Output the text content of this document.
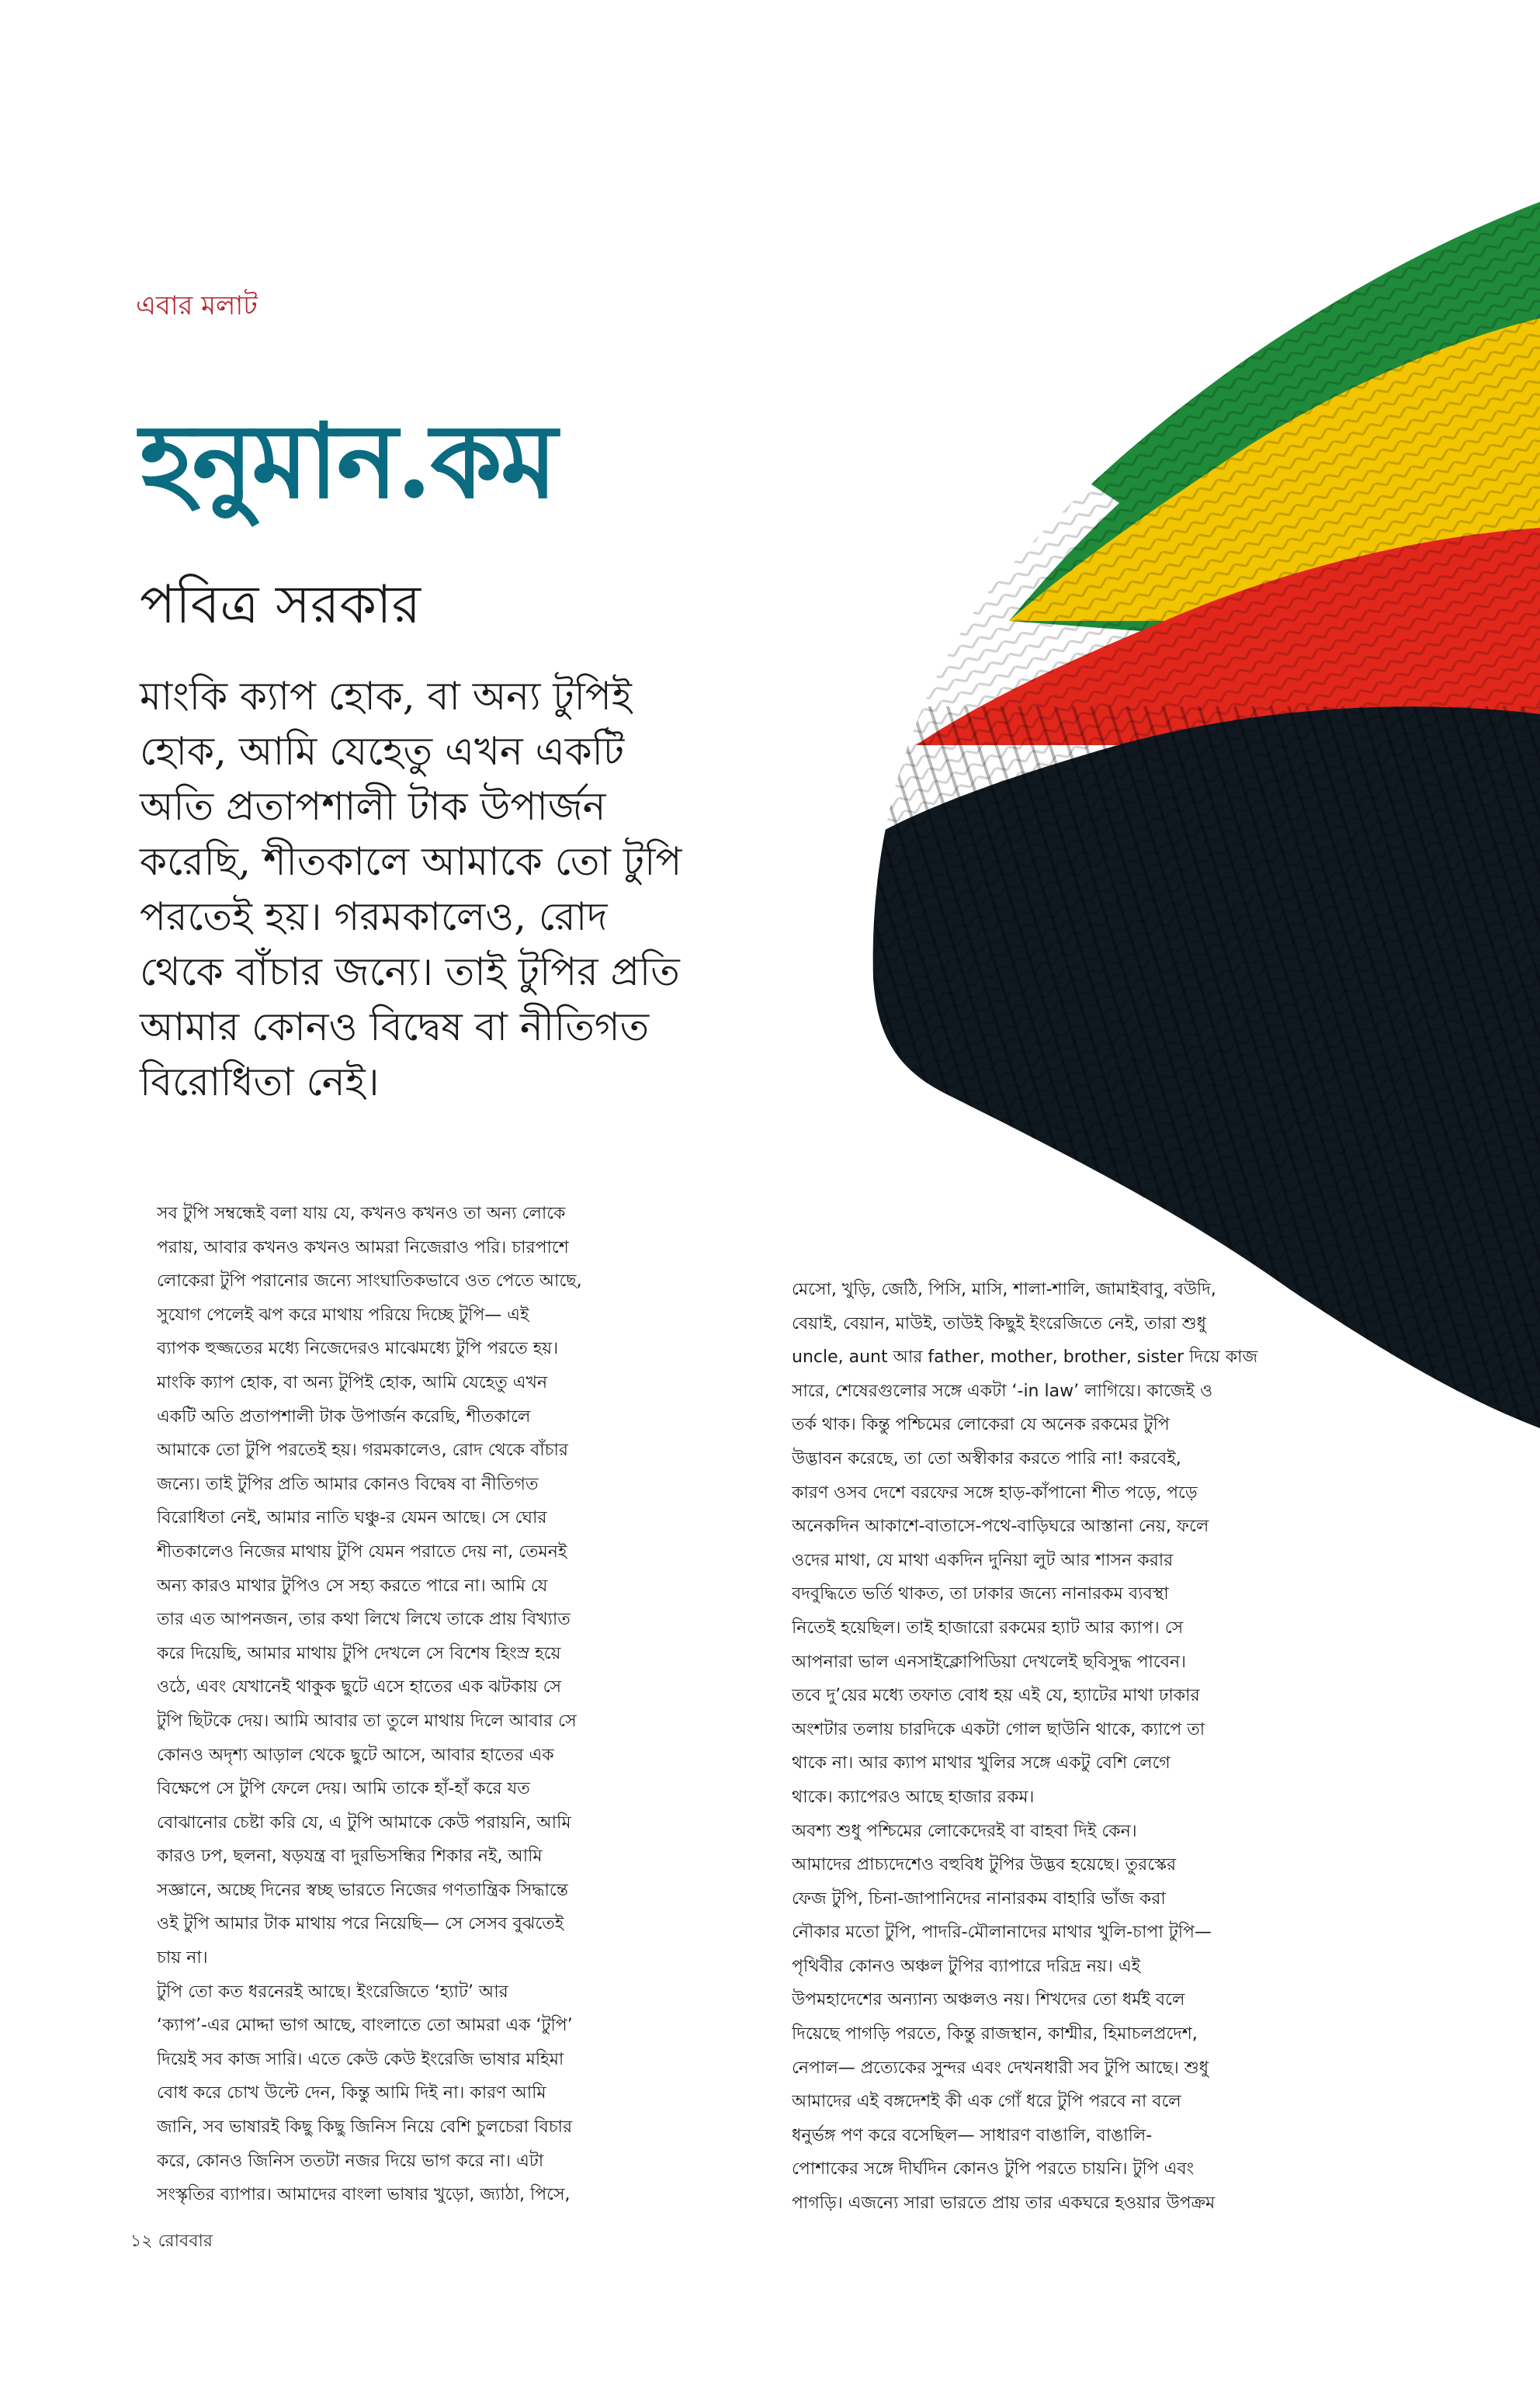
এবার মলাট
হনুমান.কম
পবিত্র সরকার
মাংকি ক্যাপ হোক, বা অন্য টুপিই
হোক, আমি যেহেতু এখন একটি
অতি প্রতাপশালী টাক উপার্জন
করেছি, শীতকালে আমাকে তো টুপি
পরতেই হয়। গরমকালেও, রোদ
থেকে বাঁচার জন্যে। তাই টুপির প্রতি
আমার কোনও বিদ্বেষ বা নীতিগত
বিরোধিতা নেই।
সব টুপি সম্বন্ধেই বলা যায় যে, কখনও কখনও তা অন্য লোকে
পরায়, আবার কখনও কখনও আমরা নিজেরাও পরি। চারপাশে
লোকেরা টুপি পরানোর জন্যে সাংঘাতিকভাবে ওত পেতে আছে,
সুযোগ পেলেই ঝপ করে মাথায় পরিয়ে দিচ্ছে টুপি— এই
ব্যাপক হুজ্জতের মধ্যে নিজেদেরও মাঝেমধ্যে টুপি পরতে হয়।
মাংকি ক্যাপ হোক, বা অন্য টুপিই হোক, আমি যেহেতু এখন
একটি অতি প্রতাপশালী টাক উপার্জন করেছি, শীতকালে
আমাকে তো টুপি পরতেই হয়। গরমকালেও, রোদ থেকে বাঁচার
জন্যে। তাই টুপির প্রতি আমার কোনও বিদ্বেষ বা নীতিগত
বিরোধিতা নেই, আমার নাতি ঘঞ্চু-র যেমন আছে। সে ঘোর
শীতকালেও নিজের মাথায় টুপি যেমন পরাতে দেয় না, তেমনই
অন্য কারও মাথার টুপিও সে সহ্য করতে পারে না। আমি যে
তার এত আপনজন, তার কথা লিখে লিখে তাকে প্রায় বিখ্যাত
করে দিয়েছি, আমার মাথায় টুপি দেখলে সে বিশেষ হিংস্র হয়ে
ওঠে, এবং যেখানেই থাকুক ছুটে এসে হাতের এক ঝটকায় সে
টুপি ছিটকে দেয়। আমি আবার তা তুলে মাথায় দিলে আবার সে
কোনও অদৃশ্য আড়াল থেকে ছুটে আসে, আবার হাতের এক
বিক্ষেপে সে টুপি ফেলে দেয়। আমি তাকে হাঁ-হাঁ করে যত
বোঝানোর চেষ্টা করি যে, এ টুপি আমাকে কেউ পরায়নি, আমি
কারও ঢপ, ছলনা, ষড়যন্ত্র বা দুরভিসন্ধির শিকার নই, আমি
সজ্ঞানে, অচ্ছে দিনের স্বচ্ছ ভারতে নিজের গণতান্ত্রিক সিদ্ধান্তে
ওই টুপি আমার টাক মাথায় পরে নিয়েছি— সে সেসব বুঝতেই
চায় না।
টুপি তো কত ধরনেরই আছে। ইংরেজিতে ‘হ্যাট’ আর
‘ক্যাপ’-এর মোদ্দা ভাগ আছে, বাংলাতে তো আমরা এক ‘টুপি’
দিয়েই সব কাজ সারি। এতে কেউ কেউ ইংরেজি ভাষার মহিমা
বোধ করে চোখ উল্টে দেন, কিন্তু আমি দিই না। কারণ আমি
জানি, সব ভাষারই কিছু কিছু জিনিস নিয়ে বেশি চুলচেরা বিচার
করে, কোনও জিনিস ততটা নজর দিয়ে ভাগ করে না। এটা
সংস্কৃতির ব্যাপার। আমাদের বাংলা ভাষার খুড়ো, জ্যাঠা, পিসে,
মেসো, খুড়ি, জেঠি, পিসি, মাসি, শালা-শালি, জামাইবাবু, বউদি,
বেয়াই, বেয়ান, মাউই, তাউই কিছুই ইংরেজিতে নেই, তারা শুধু
uncle, aunt আর father, mother, brother, sister দিয়ে কাজ
সারে, শেষেরগুলোর সঙ্গে একটা ‘-in law’ লাগিয়ে। কাজেই ও
তর্ক থাক। কিন্তু পশ্চিমের লোকেরা যে অনেক রকমের টুপি
উদ্ভাবন করেছে, তা তো অস্বীকার করতে পারি না! করবেই,
কারণ ওসব দেশে বরফের সঙ্গে হাড়-কাঁপানো শীত পড়ে, পড়ে
অনেকদিন আকাশে-বাতাসে-পথে-বাড়িঘরে আস্তানা নেয়, ফলে
ওদের মাথা, যে মাথা একদিন দুনিয়া লুট আর শাসন করার
বদবুদ্ধিতে ভর্তি থাকত, তা ঢাকার জন্যে নানারকম ব্যবস্থা
নিতেই হয়েছিল। তাই হাজারো রকমের হ্যাট আর ক্যাপ। সে
আপনারা ভাল এনসাইক্লোপিডিয়া দেখলেই ছবিসুদ্ধ পাবেন।
তবে দু’য়ের মধ্যে তফাত বোধ হয় এই যে, হ্যাটের মাথা ঢাকার
অংশটার তলায় চারদিকে একটা গোল ছাউনি থাকে, ক্যাপে তা
থাকে না। আর ক্যাপ মাথার খুলির সঙ্গে একটু বেশি লেগে
থাকে। ক্যাপেরও আছে হাজার রকম।
অবশ্য শুধু পশ্চিমের লোকেদেরই বা বাহবা দিই কেন।
আমাদের প্রাচ্যদেশেও বহুবিধ টুপির উদ্ভব হয়েছে। তুরস্কের
ফেজ টুপি, চিনা-জাপানিদের নানারকম বাহারি ভাঁজ করা
নৌকার মতো টুপি, পাদরি-মৌলানাদের মাথার খুলি-চাপা টুপি—
পৃথিবীর কোনও অঞ্চল টুপির ব্যাপারে দরিদ্র নয়। এই
উপমহাদেশের অন্যান্য অঞ্চলও নয়। শিখদের তো ধর্মই বলে
দিয়েছে পাগড়ি পরতে, কিন্তু রাজস্থান, কাশ্মীর, হিমাচলপ্রদেশ,
নেপাল— প্রত্যেকের সুন্দর এবং দেখনধারী সব টুপি আছে। শুধু
আমাদের এই বঙ্গদেশই কী এক গোঁ ধরে টুপি পরবে না বলে
ধনুর্ভঙ্গ পণ করে বসেছিল— সাধারণ বাঙালি, বাঙালি-
পোশাকের সঙ্গে দীর্ঘদিন কোনও টুপি পরতে চায়নি। টুপি এবং
পাগড়ি। এজন্যে সারা ভারতে প্রায় তার একঘরে হওয়ার উপক্রম
১২ রোববার
